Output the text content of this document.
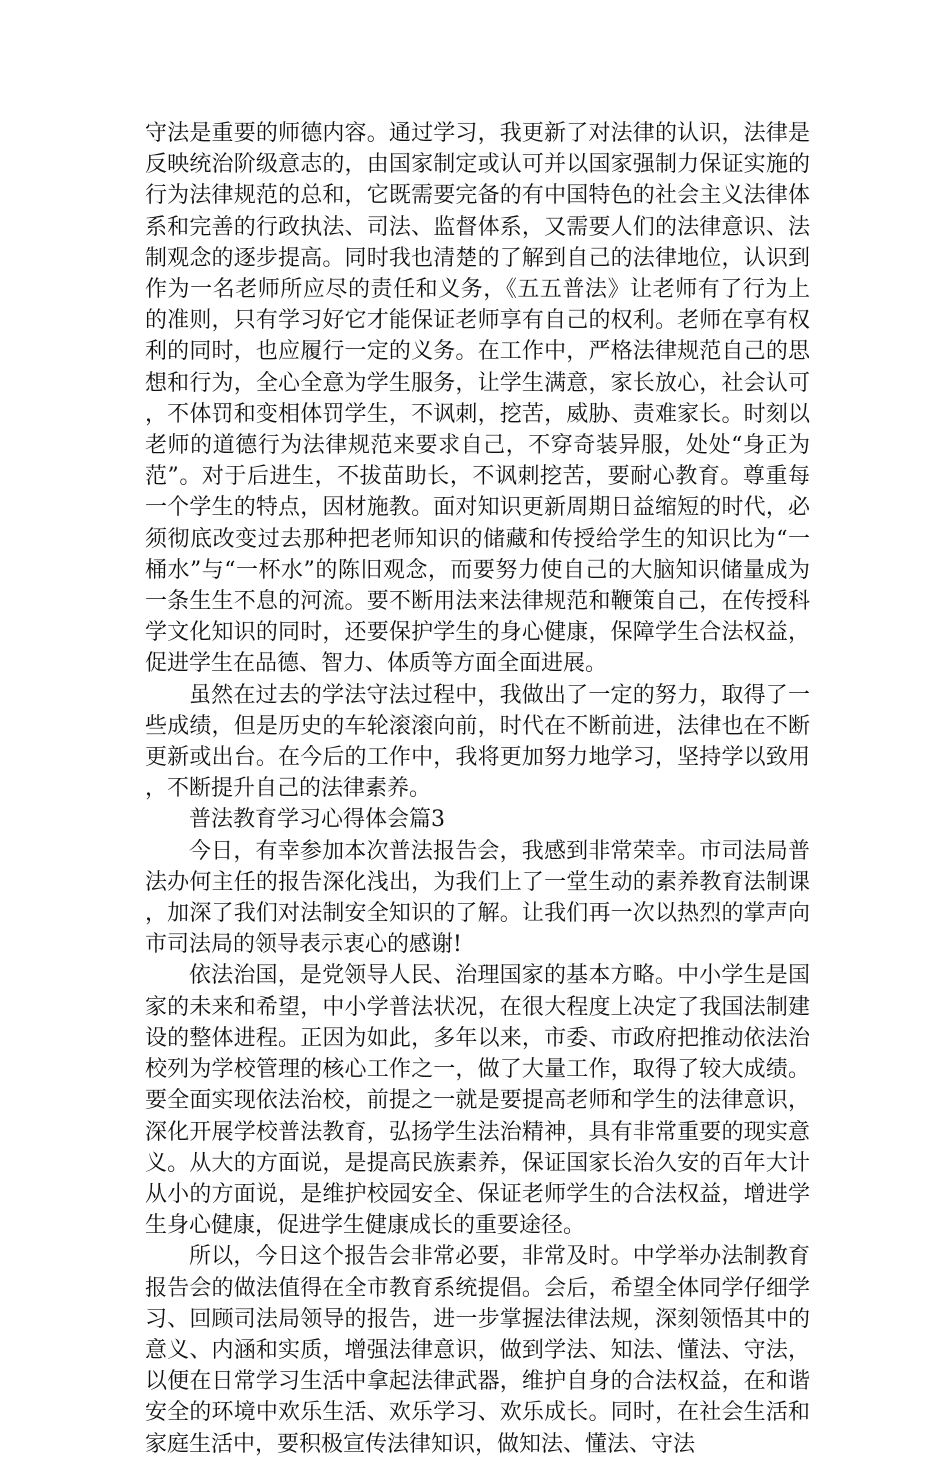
守法是重要的师德内容。通过学习，我更新了对法律的认识，法律是反映统治阶级意志的，由国家制定或认可并以国家强制力保证实施的行为法律规范的总和，它既需要完备的有中国特色的社会主义法律体系和完善的行政执法、司法、监督体系，又需要人们的法律意识、法制观念的逐步提高。同时我也清楚的了解到自己的法律地位，认识到作为一名老师所应尽的责任和义务，《五五普法》让老师有了行为上的准则，只有学习好它才能保证老师享有自己的权利。老师在享有权利的同时，也应履行一定的义务。在工作中，严格法律规范自己的思想和行为，全心全意为学生服务，让学生满意，家长放心，社会认可，不体罚和变相体罚学生，不讽刺，挖苦，威胁、责难家长。时刻以老师的道德行为法律规范来要求自己，不穿奇装异服，处处“身正为范”。对于后进生，不拔苗助长，不讽刺挖苦，要耐心教育。尊重每一个学生的特点，因材施教。面对知识更新周期日益缩短的时代，必须彻底改变过去那种把老师知识的储藏和传授给学生的知识比为“一桶水”与“一杯水”的陈旧观念，而要努力使自己的大脑知识储量成为一条生生不息的河流。要不断用法来法律规范和鞭策自己，在传授科学文化知识的同时，还要保护学生的身心健康，保障学生合法权益，促进学生在品德、智力、体质等方面全面进展。

虽然在过去的学法守法过程中，我做出了一定的努力，取得了一些成绩，但是历史的车轮滚滚向前，时代在不断前进，法律也在不断更新或出台。在今后的工作中，我将更加努力地学习，坚持学以致用，不断提升自己的法律素养。

普法教育学习心得体会篇3

今日，有幸参加本次普法报告会，我感到非常荣幸。市司法局普法办何主任的报告深化浅出，为我们上了一堂生动的素养教育法制课，加深了我们对法制安全知识的了解。让我们再一次以热烈的掌声向市司法局的领导表示衷心的感谢!

依法治国，是党领导人民、治理国家的基本方略。中小学生是国家的未来和希望，中小学普法状况，在很大程度上决定了我国法制建设的整体进程。正因为如此，多年以来，市委、市政府把推动依法治校列为学校管理的核心工作之一，做了大量工作，取得了较大成绩。要全面实现依法治校，前提之一就是要提高老师和学生的法律意识，深化开展学校普法教育，弘扬学生法治精神，具有非常重要的现实意义。从大的方面说，是提高民族素养，保证国家长治久安的百年大计从小的方面说，是维护校园安全、保证老师学生的合法权益，增进学生身心健康，促进学生健康成长的重要途径。

所以，今日这个报告会非常必要，非常及时。中学举办法制教育报告会的做法值得在全市教育系统提倡。会后，希望全体同学仔细学习、回顾司法局领导的报告，进一步掌握法律法规，深刻领悟其中的意义、内涵和实质，增强法律意识，做到学法、知法、懂法、守法，以便在日常学习生活中拿起法律武器，维护自身的合法权益，在和谐安全的环境中欢乐生活、欢乐学习、欢乐成长。同时，在社会生活和家庭生活中，要积极宣传法律知识，做知法、懂法、守法
